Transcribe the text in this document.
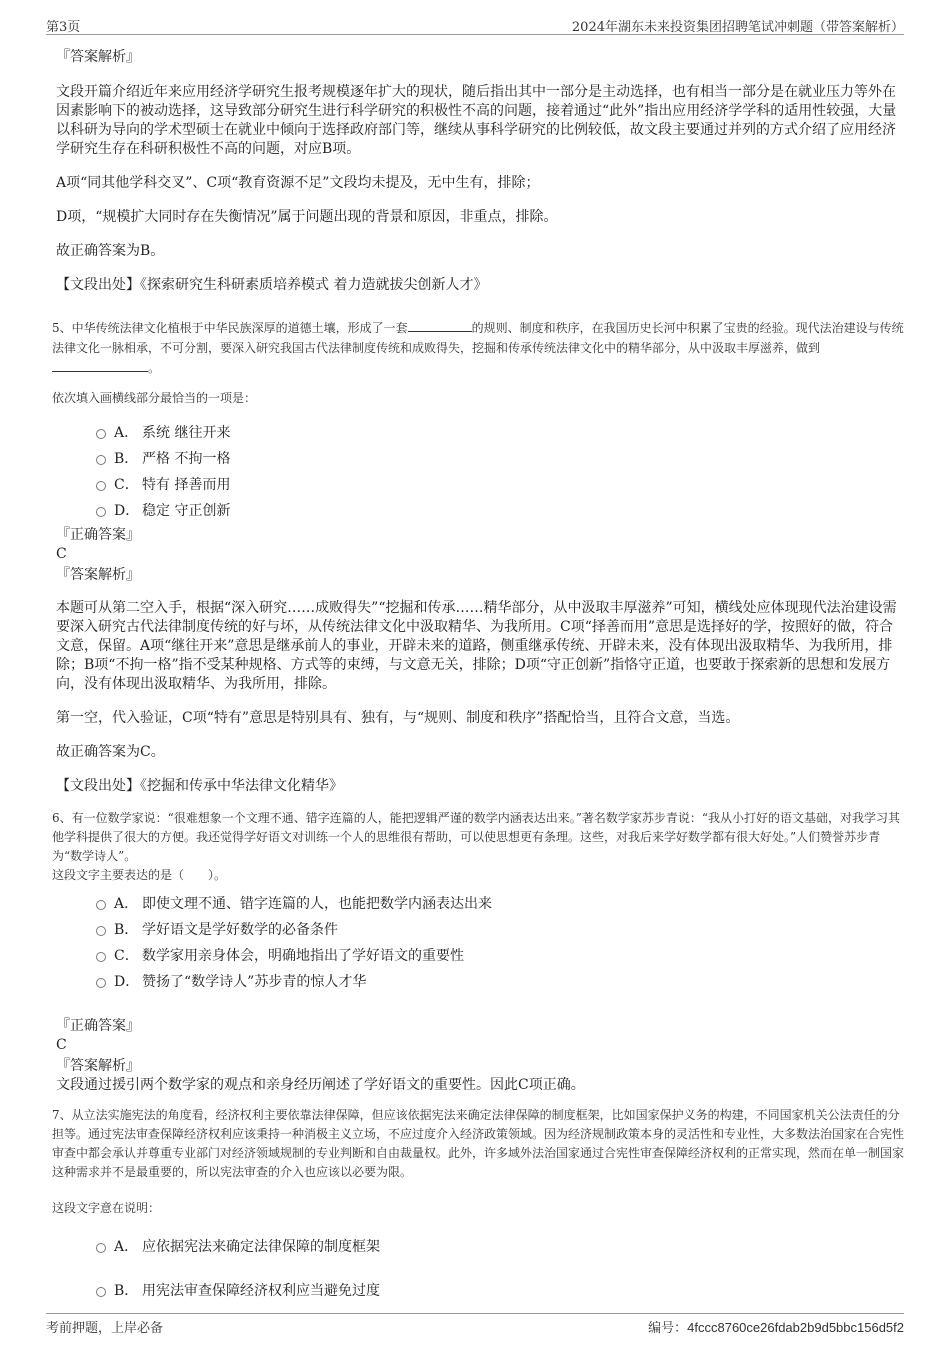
第3页	2024年湖东未来投资集团招聘笔试冲刺题（带答案解析）

『答案解析』

文段开篇介绍近年来应用经济学研究生报考规模逐年扩大的现状，随后指出其中一部分是主动选择，也有相当一部分是在就业压力等外在因素影响下的被动选择，这导致部分研究生进行科学研究的积极性不高的问题，接着通过“此外”指出应用经济学学科的适用性较强，大量以科研为导向的学术型硕士在就业中倾向于选择政府部门等，继续从事科学研究的比例较低，故文段主要通过并列的方式介绍了应用经济学研究生存在科研积极性不高的问题，对应B项。

A项“同其他学科交叉”、C项“教育资源不足”文段均未提及，无中生有，排除；

D项，“规模扩大同时存在失衡情况”属于问题出现的背景和原因，非重点，排除。

故正确答案为B。

【文段出处】《探索研究生科研素质培养模式 着力造就拔尖创新人才》

5、中华传统法律文化植根于中华民族深厚的道德土壤，形成了一套	的规则、制度和秩序，在我国历史长河中积累了宝贵的经验。现代法治建设与传统法律文化一脉相承，不可分割，要深入研究我国古代法律制度传统和成败得失，挖掘和传承传统法律文化中的精华部分，从中汲取丰厚滋养，做到。

依次填入画横线部分最恰当的一项是：

A． 系统 继往开来
B． 严格 不拘一格
C． 特有 择善而用
D． 稳定 守正创新

『正确答案』

C

『答案解析』

本题可从第二空入手，根据“深入研究……成败得失”“挖掘和传承……精华部分，从中汲取丰厚滋养”可知，横线处应体现现代法治建设需要深入研究古代法律制度传统的好与坏，从传统法律文化中汲取精华、为我所用。C项“择善而用”意思是选择好的学，按照好的做，符合文意，保留。A项“继往开来”意思是继承前人的事业，开辟未来的道路，侧重继承传统、开辟未来，没有体现出汲取精华、为我所用，排除；B项“不拘一格”指不受某种规格、方式等的束缚，与文意无关，排除；D项“守正创新”指恪守正道，也要敢于探索新的思想和发展方向，没有体现出汲取精华、为我所用，排除。

第一空，代入验证，C项“特有”意思是特别具有、独有，与“规则、制度和秩序”搭配恰当，且符合文意，当选。

故正确答案为C。

【文段出处】《挖掘和传承中华法律文化精华》

6、有一位数学家说：“很难想象一个文理不通、错字连篇的人，能把逻辑严谨的数学内涵表达出来。”著名数学家苏步青说：“我从小打好的语文基础，对我学习其他学科提供了很大的方便。我还觉得学好语文对训练一个人的思维很有帮助，可以使思想更有条理。这些，对我后来学好数学都有很大好处。”人们赞誉苏步青为“数学诗人”。

这段文字主要表达的是（　　）。

A． 即使文理不通、错字连篇的人，也能把数学内涵表达出来
B． 学好语文是学好数学的必备条件
C． 数学家用亲身体会，明确地指出了学好语文的重要性
D． 赞扬了“数学诗人”苏步青的惊人才华

『正确答案』

C

『答案解析』

文段通过援引两个数学家的观点和亲身经历阐述了学好语文的重要性。因此C项正确。

7、从立法实施宪法的角度看，经济权利主要依靠法律保障，但应该依据宪法来确定法律保障的制度框架，比如国家保护义务的构建，不同国家机关公法责任的分担等。通过宪法审查保障经济权利应该秉持一种消极主义立场，不应过度介入经济政策领域。因为经济规制政策本身的灵活性和专业性，大多数法治国家在合宪性审查中都会承认并尊重专业部门对经济领域规制的专业判断和自由裁量权。此外，许多域外法治国家通过合宪性审查保障经济权利的正常实现，然而在单一制国家这种需求并不是最重要的，所以宪法审查的介入也应该以必要为限。

这段文字意在说明：

A． 应依据宪法来确定法律保障的制度框架
B． 用宪法审查保障经济权利应当避免过度
考前押题，上岸必备	编号：4fccc8760ce26fdab2b9d5bbc156d5f2
